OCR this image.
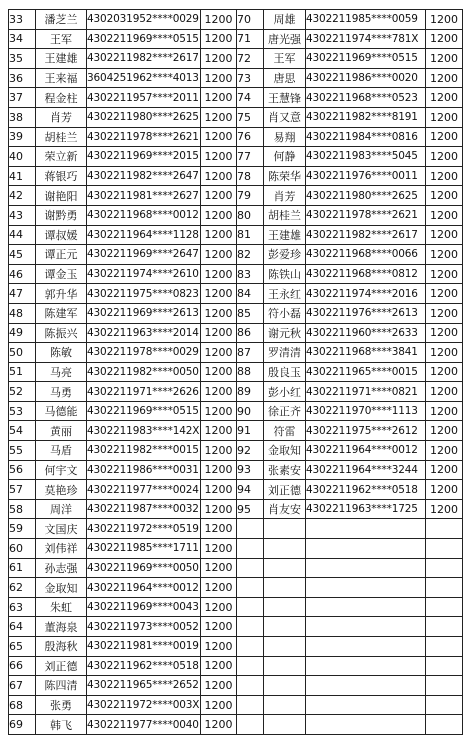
33	潘芝兰	4302031952****0029	1200	70	周雄	4302211985****0059	1200
34	王军	4302211969****0515	1200	71	唐光强	4302211974****781X	1200
35	王建雄	4302211982****2617	1200	72	王军	4302211969****0515	1200
36	王来福	3604251962****4013	1200	73	唐思	4302211986****0020	1200
37	程金柱	4302211957****2011	1200	74	王慧锋	4302211968****0523	1200
38	肖芳	4302211980****2625	1200	75	肖又意	4302211982****8191	1200
39	胡桂兰	4302211978****2621	1200	76	易翔	4302211984****0816	1200
40	荣立新	4302211969****2015	1200	77	何静	4302211983****5045	1200
41	蒋银巧	4302211982****2647	1200	78	陈荣华	4302211976****0011	1200
42	谢艳阳	4302211981****2627	1200	79	肖芳	4302211980****2625	1200
43	谢黔勇	4302211968****0012	1200	80	胡桂兰	4302211978****2621	1200
44	谭叔媛	4302211964****1128	1200	81	王建雄	4302211982****2617	1200
45	谭正元	4302211969****2647	1200	82	彭爱珍	4302211968****0066	1200
46	谭金玉	4302211974****2610	1200	83	陈铁山	4302211968****0812	1200
47	郭升华	4302211975****0823	1200	84	王永红	4302211974****2016	1200
48	陈建军	4302211969****2613	1200	85	符小磊	4302211976****2613	1200
49	陈振兴	4302211963****2014	1200	86	谢元秋	4302211960****2633	1200
50	陈敏	4302211978****0029	1200	87	罗清清	4302211968****3841	1200
51	马亮	4302211982****0050	1200	88	殷良玉	4302211965****0015	1200
52	马勇	4302211971****2626	1200	89	彭小红	4302211971****0821	1200
53	马德能	4302211969****0515	1200	90	徐正齐	4302211970****1113	1200
54	黄丽	4302211983****142X	1200	91	符雷	4302211975****2612	1200
55	马盾	4302211982****0015	1200	92	金取知	4302211964****0012	1200
56	何宇文	4302211986****0031	1200	93	张素安	4302211964****3244	1200
57	莫艳珍	4302211977****0024	1200	94	刘正德	4302211962****0518	1200
58	周洋	4302211987****0032	1200	95	肖友安	4302211963****1725	1200
59	文国庆	4302211972****0519	1200				
60	刘伟祥	4302211985****1711	1200				
61	孙志强	4302211969****0050	1200				
62	金取知	4302211964****0012	1200				
63	朱虹	4302211969****0043	1200				
64	董海泉	4302211973****0052	1200				
65	殷海秋	4302211981****0019	1200				
66	刘正德	4302211962****0518	1200				
67	陈四清	4302211965****2652	1200				
68	张勇	4302211972****003X	1200				
69	韩飞	4302211977****0040	1200				
